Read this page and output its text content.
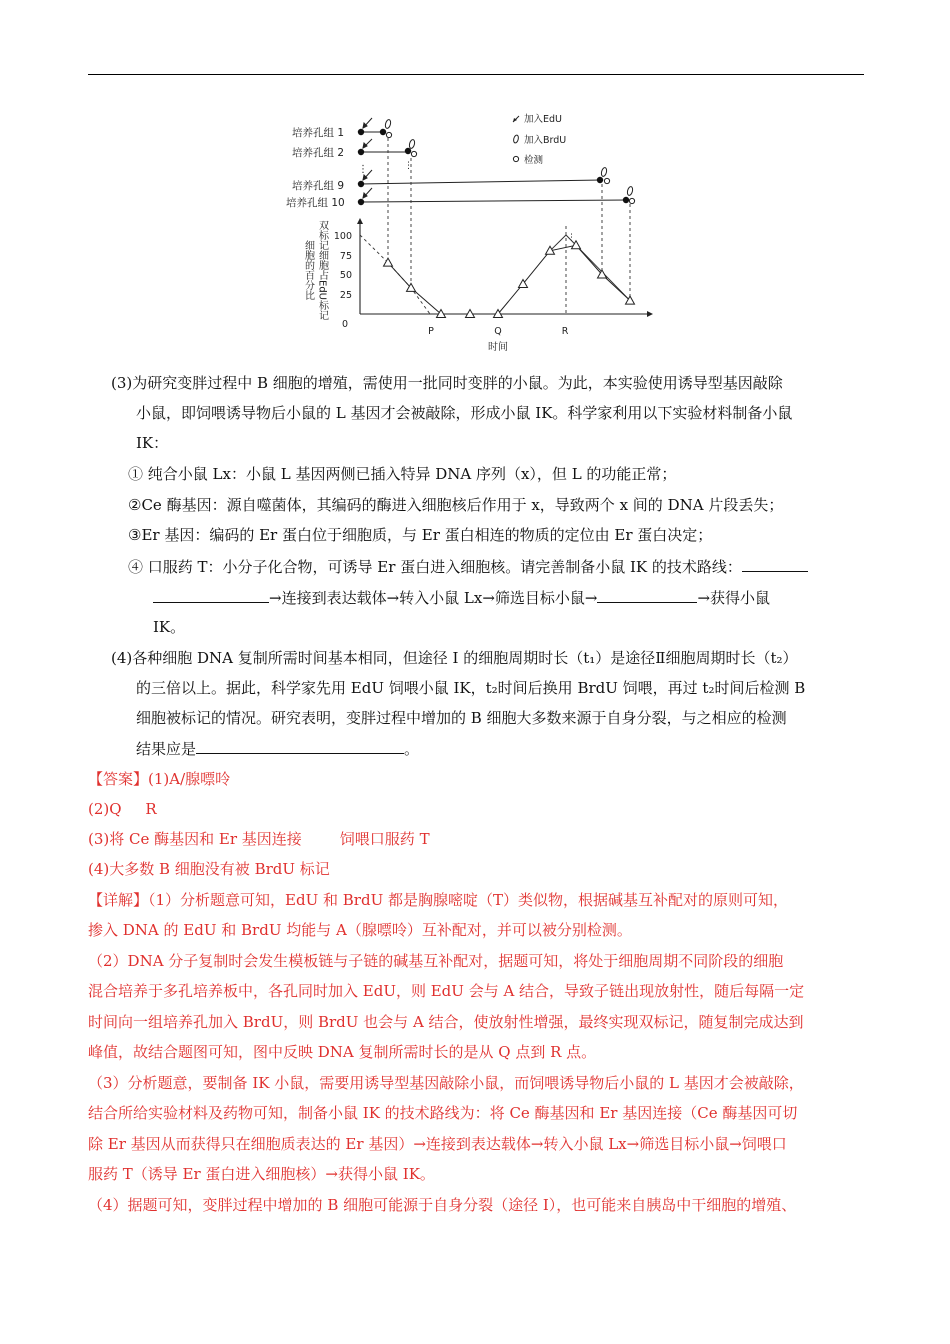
培养孔组 1
培养孔组 2
⋮
培养孔组 9
培养孔组 10
⋮
⋮
加入EdU
加入BrdU
检测
100
75
50
25
0
细胞的百分比 双标记细胞占EdU标记
P	Q	R
时间
(3)为研究变胖过程中 B 细胞的增殖，需使用一批同时变胖的小鼠。为此，本实验使用诱导型基因敲除
小鼠，即饲喂诱导物后小鼠的 L 基因才会被敲除，形成小鼠 IK。科学家利用以下实验材料制备小鼠
IK：
① 纯合小鼠 Lx：小鼠 L 基因两侧已插入特异 DNA 序列（x），但 L 的功能正常；
②Ce 酶基因：源自噬菌体，其编码的酶进入细胞核后作用于 x，导致两个 x 间的 DNA 片段丢失；
③Er 基因：编码的 Er 蛋白位于细胞质，与 Er 蛋白相连的物质的定位由 Er 蛋白决定；
④ 口服药 T：小分子化合物，可诱导 Er 蛋白进入细胞核。请完善制备小鼠 IK 的技术路线：
→连接到表达载体→转入小鼠 Lx→筛选目标小鼠→	→获得小鼠
IK。
(4)各种细胞 DNA 复制所需时间基本相同，但途径 I 的细胞周期时长（t₁）是途径Ⅱ细胞周期时长（t₂）
的三倍以上。据此，科学家先用 EdU 饲喂小鼠 IK，t₂时间后换用 BrdU 饲喂，再过 t₂时间后检测 B
细胞被标记的情况。研究表明，变胖过程中增加的 B 细胞大多数来源于自身分裂，与之相应的检测
结果应是	。
【答案】(1)A/腺嘌呤
(2)Q     R
(3)将 Ce 酶基因和 Er 基因连接	饲喂口服药 T
(4)大多数 B 细胞没有被 BrdU 标记
【详解】（1）分析题意可知，EdU 和 BrdU 都是胸腺嘧啶（T）类似物，根据碱基互补配对的原则可知，
掺入 DNA 的 EdU 和 BrdU 均能与 A（腺嘌呤）互补配对，并可以被分别检测。
（2）DNA 分子复制时会发生模板链与子链的碱基互补配对，据题可知，将处于细胞周期不同阶段的细胞
混合培养于多孔培养板中，各孔同时加入 EdU，则 EdU 会与 A 结合，导致子链出现放射性，随后每隔一定
时间向一组培养孔加入 BrdU，则 BrdU 也会与 A 结合，使放射性增强，最终实现双标记，随复制完成达到
峰值，故结合题图可知，图中反映 DNA 复制所需时长的是从 Q 点到 R 点。
（3）分析题意，要制备 IK 小鼠，需要用诱导型基因敲除小鼠，而饲喂诱导物后小鼠的 L 基因才会被敲除，
结合所给实验材料及药物可知，制备小鼠 IK 的技术路线为：将 Ce 酶基因和 Er 基因连接（Ce 酶基因可切
除 Er 基因从而获得只在细胞质表达的 Er 基因）→连接到表达载体→转入小鼠 Lx→筛选目标小鼠→饲喂口
服药 T（诱导 Er 蛋白进入细胞核）→获得小鼠 IK。
（4）据题可知，变胖过程中增加的 B 细胞可能源于自身分裂（途径 I），也可能来自胰岛中干细胞的增殖、
